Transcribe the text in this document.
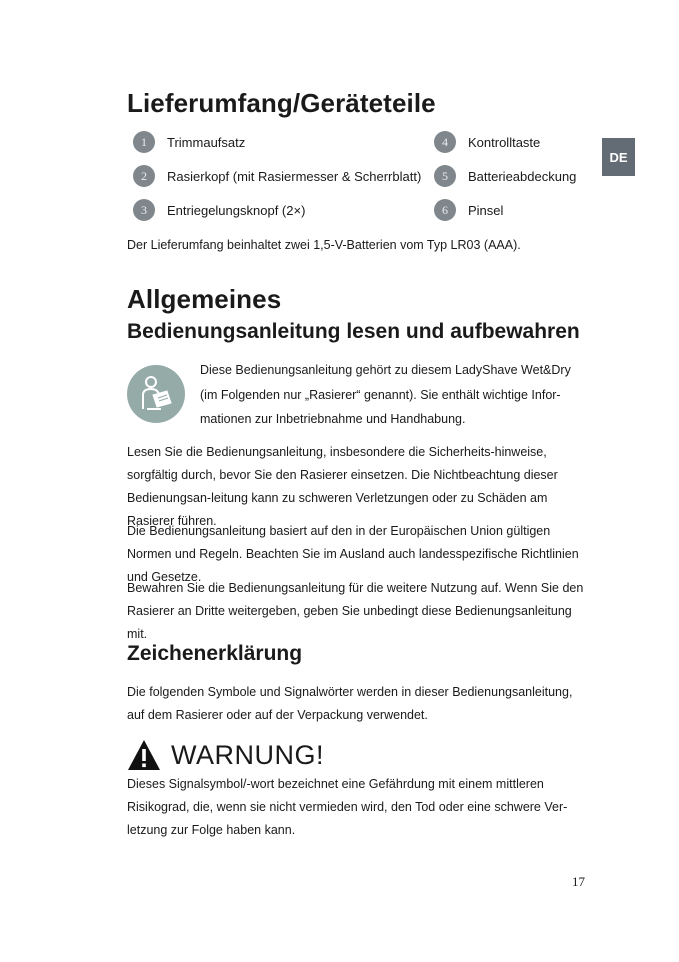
DE
Lieferumfang/Geräteteile
1	Trimmaufsatz
2	Rasierkopf (mit Rasiermesser & Scherrblatt)
3	Entriegelungsknopf (2×)
4	Kontrolltaste
5	Batterieabdeckung
6	Pinsel

Der Lieferumfang beinhaltet zwei 1,5-V-Batterien vom Typ LR03 (AAA).

Allgemeines
Bedienungsanleitung lesen und aufbewahren

Diese Bedienungsanleitung gehört zu diesem LadyShave Wet&Dry (im Folgenden nur „Rasierer“ genannt). Sie enthält wichtige Infor-mationen zur Inbetriebnahme und Handhabung.

Lesen Sie die Bedienungsanleitung, insbesondere die Sicherheits-hinweise, sorgfältig durch, bevor Sie den Rasierer einsetzen. Die Nichtbeachtung dieser Bedienungsan-leitung kann zu schweren Verletzungen oder zu Schäden am Rasierer führen.

Die Bedienungsanleitung basiert auf den in der Europäischen Union gültigen Normen und Regeln. Beachten Sie im Ausland auch landesspezifische Richtlinien und Gesetze.

Bewahren Sie die Bedienungsanleitung für die weitere Nutzung auf. Wenn Sie den Rasierer an Dritte weitergeben, geben Sie unbedingt diese Bedienungsanleitung mit.

Zeichenerklärung

Die folgenden Symbole und Signalwörter werden in dieser Bedienungsanleitung, auf dem Rasierer oder auf der Verpackung verwendet.

WARNUNG!

Dieses Signalsymbol/-wort bezeichnet eine Gefährdung mit einem mittleren Risikograd, die, wenn sie nicht vermieden wird, den Tod oder eine schwere Ver-letzung zur Folge haben kann.

17
